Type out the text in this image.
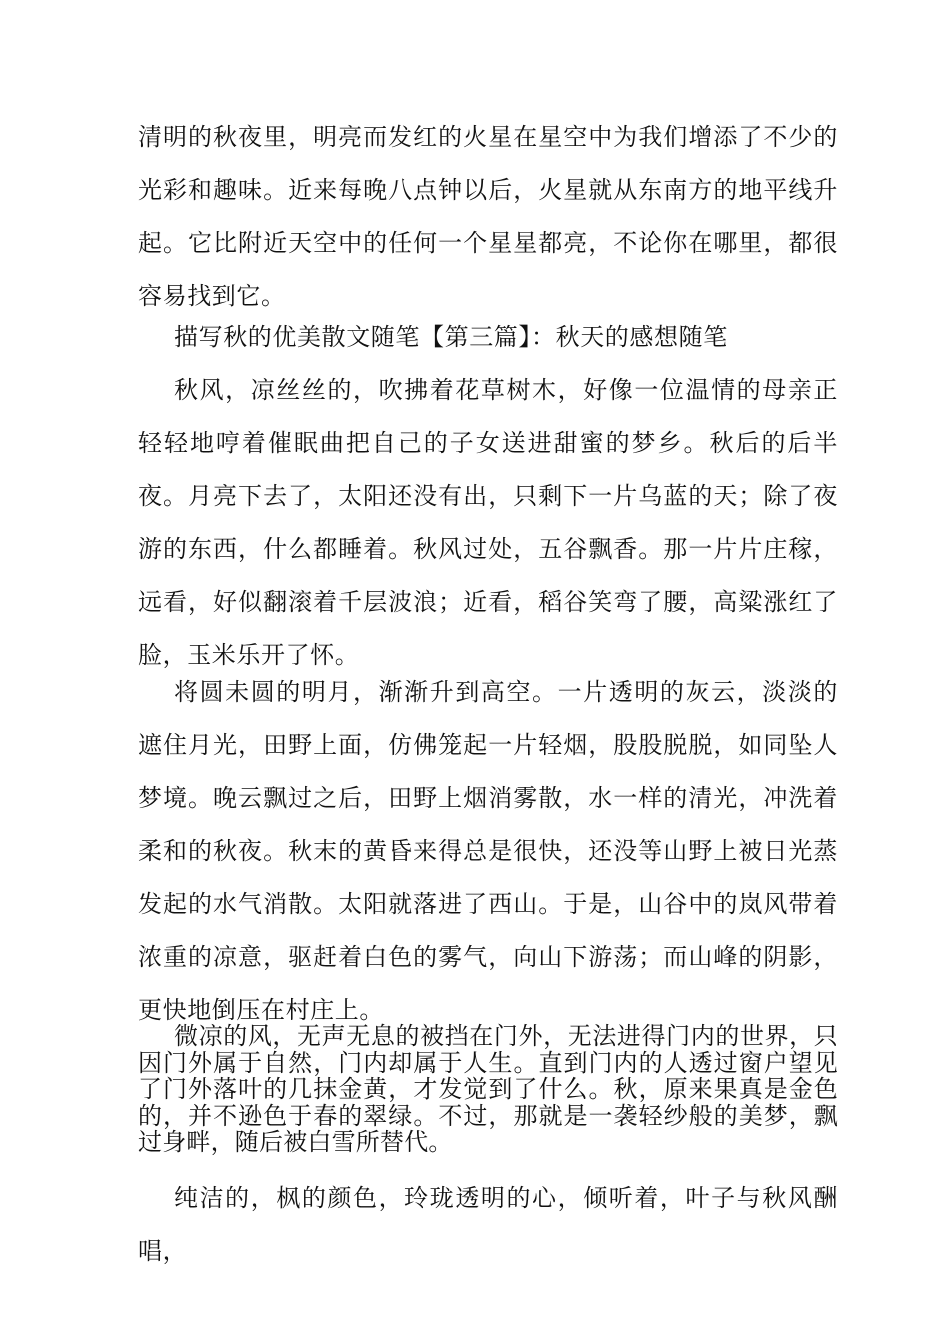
清明的秋夜里，明亮而发红的火星在星空中为我们增添了不少的光彩和趣味。近来每晚八点钟以后，火星就从东南方的地平线升起。它比附近天空中的任何一个星星都亮，不论你在哪里，都很容易找到它。

描写秋的优美散文随笔【第三篇】：秋天的感想随笔

秋风，凉丝丝的，吹拂着花草树木，好像一位温情的母亲正轻轻地哼着催眠曲把自己的子女送进甜蜜的梦乡。秋后的后半夜。月亮下去了，太阳还没有出，只剩下一片乌蓝的天；除了夜游的东西，什么都睡着。秋风过处，五谷飘香。那一片片庄稼，远看，好似翻滚着千层波浪；近看，稻谷笑弯了腰，高粱涨红了脸，玉米乐开了怀。

将圆未圆的明月，渐渐升到高空。一片透明的灰云，淡淡的遮住月光，田野上面，仿佛笼起一片轻烟，股股脱脱，如同坠人梦境。晚云飘过之后，田野上烟消雾散，水一样的清光，冲洗着柔和的秋夜。秋末的黄昏来得总是很快，还没等山野上被日光蒸发起的水气消散。太阳就落进了西山。于是，山谷中的岚风带着浓重的凉意，驱赶着白色的雾气，向山下游荡；而山峰的阴影，更快地倒压在村庄上。

微凉的风，无声无息的被挡在门外，无法进得门内的世界，只因门外属于自然，门内却属于人生。直到门内的人透过窗户望见了门外落叶的几抹金黄，才发觉到了什么。秋，原来果真是金色的，并不逊色于春的翠绿。不过，那就是一袭轻纱般的美梦，飘过身畔，随后被白雪所替代。

纯洁的，枫的颜色，玲珑透明的心，倾听着，叶子与秋风酬唱，
